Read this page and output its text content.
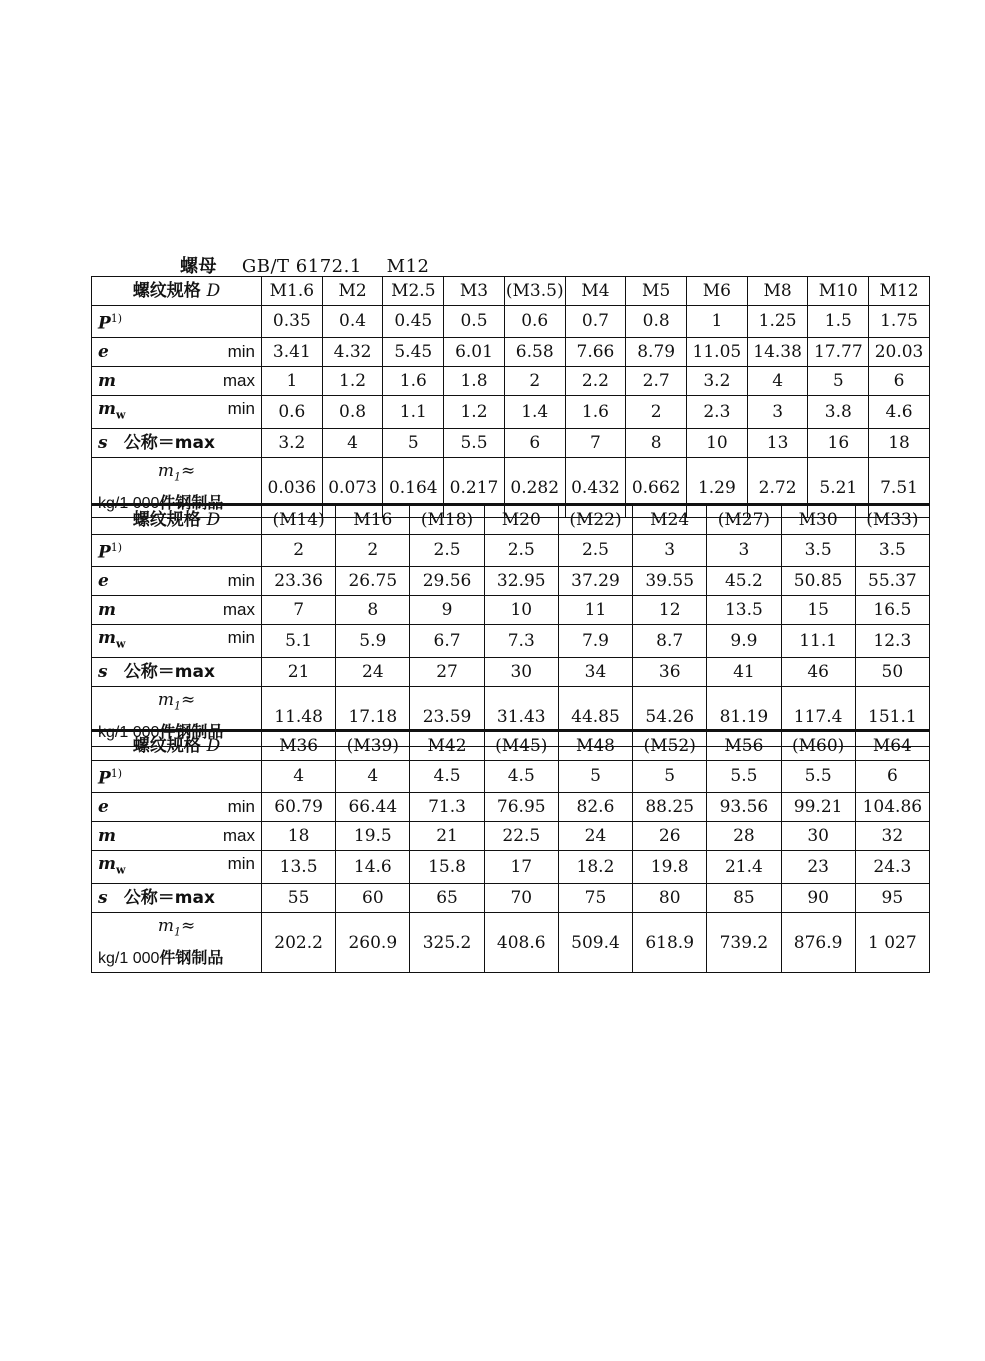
螺母 GB/T 6172.1 M12
螺纹规格 D	M1.6	M2	M2.5	M3	(M3.5)	M4	M5	M6	M8	M10	M12
$P^{1)}$	0.35	0.4	0.45	0.5	0.6	0.7	0.8	1	1.25	1.5	1.75
e min	3.41	4.32	5.45	6.01	6.58	7.66	8.79	11.05	14.38	17.77	20.03
m max	1	1.2	1.6	1.8	2	2.2	2.7	3.2	4	5	6
$m_w$ min	0.6	0.8	1.1	1.2	1.4	1.6	2	2.3	3	3.8	4.6
s 公称＝max	3.2	4	5	5.5	6	7	8	10	13	16	18

$m_1\approx$
kg/1 000件钢制品	0.036	0.073	0.164	0.217	0.282	0.432	0.662	1.29	2.72	5.21	7.51
螺纹规格 D	(M14)	M16	(M18)	M20	(M22)	M24	(M27)	M30	(M33)
$P^{1)}$	2	2	2.5	2.5	2.5	3	3	3.5	3.5
e min	23.36	26.75	29.56	32.95	37.29	39.55	45.2	50.85	55.37
m max	7	8	9	10	11	12	13.5	15	16.5
$m_w$ min	5.1	5.9	6.7	7.3	7.9	8.7	9.9	11.1	12.3
s 公称＝max	21	24	27	30	34	36	41	46	50

$m_1\approx$
kg/1 000件钢制品	11.48	17.18	23.59	31.43	44.85	54.26	81.19	117.4	151.1
螺纹规格 D	M36	(M39)	M42	(M45)	M48	(M52)	M56	(M60)	M64
$P^{1)}$	4	4	4.5	4.5	5	5	5.5	5.5	6
e min	60.79	66.44	71.3	76.95	82.6	88.25	93.56	99.21	104.86
m max	18	19.5	21	22.5	24	26	28	30	32
$m_w$ min	13.5	14.6	15.8	17	18.2	19.8	21.4	23	24.3
s 公称＝max	55	60	65	70	75	80	85	90	95

$m_1\approx$
kg/1 000件钢制品	202.2	260.9	325.2	408.6	509.4	618.9	739.2	876.9	1 027
